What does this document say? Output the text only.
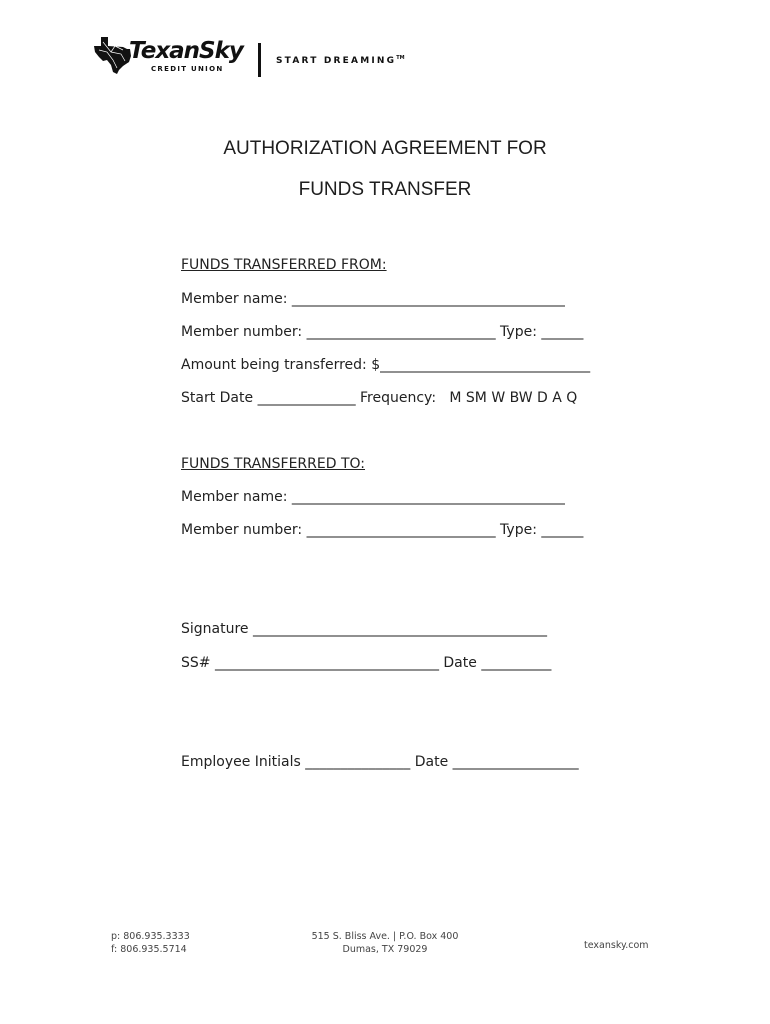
TexanSky
CREDIT UNION
START DREAMING™
AUTHORIZATION AGREEMENT FOR
FUNDS TRANSFER
FUNDS TRANSFERRED FROM:
Member name: _______________________________________
Member number: ___________________________ Type: ______
Amount being transferred: $______________________________
Start Date ______________ Frequency:   M SM W BW D A Q
FUNDS TRANSFERRED TO:
Member name: _______________________________________
Member number: ___________________________ Type: ______
Signature __________________________________________
SS# ________________________________ Date __________
Employee Initials _______________ Date __________________
p: 806.935.3333
f: 806.935.5714
515 S. Bliss Ave. | P.O. Box 400
Dumas, TX 79029	texansky.com
